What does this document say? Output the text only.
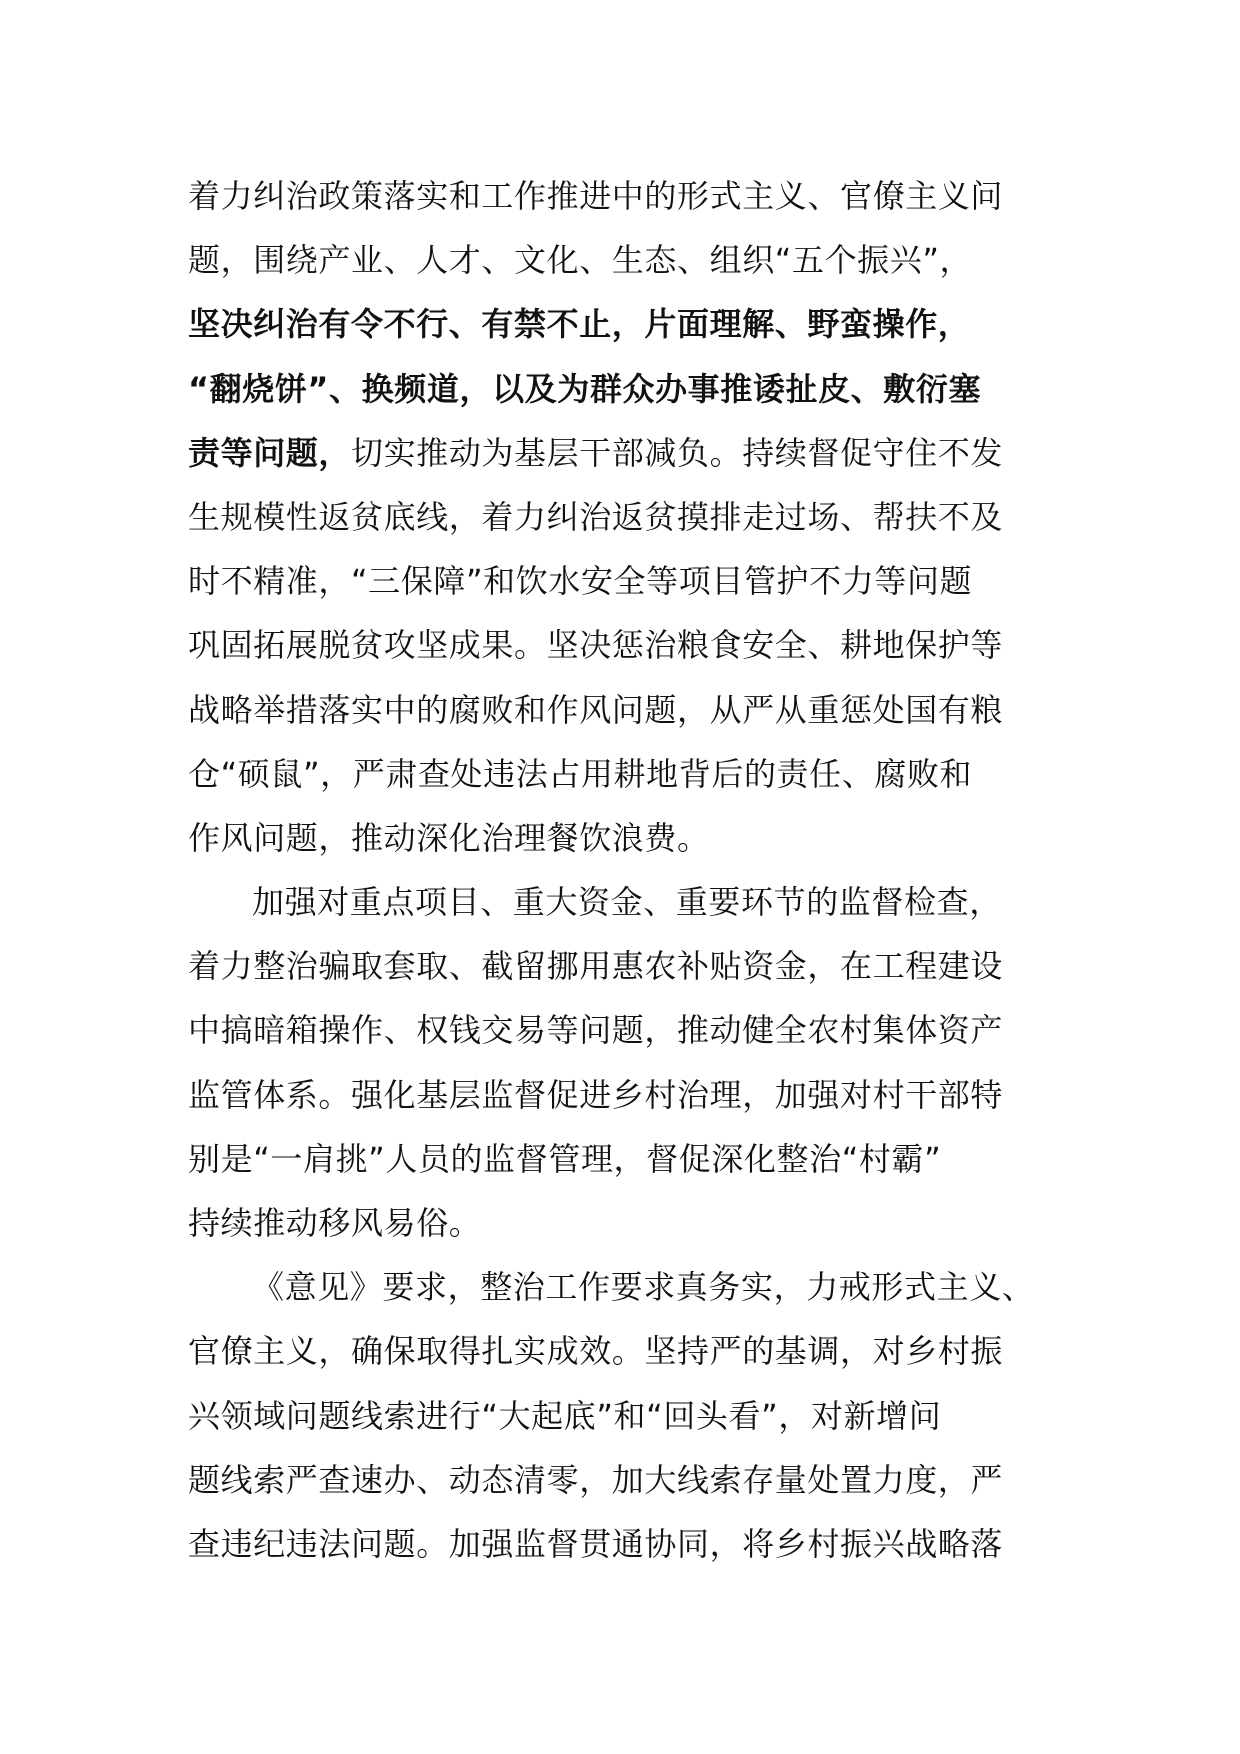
着力纠治政策落实和工作推进中的形式主义、官僚主义问
题，围绕产业、人才、文化、生态、组织“五个振兴”，
坚决纠治有令不行、有禁不止，片面理解、野蛮操作，
“翻烧饼”、换频道，以及为群众办事推诿扯皮、敷衍塞
责等问题，切实推动为基层干部减负。持续督促守住不发
生规模性返贫底线，着力纠治返贫摸排走过场、帮扶不及
时不精准，“三保障”和饮水安全等项目管护不力等问题
巩固拓展脱贫攻坚成果。坚决惩治粮食安全、耕地保护等
战略举措落实中的腐败和作风问题，从严从重惩处国有粮
仓“硕鼠”，严肃查处违法占用耕地背后的责任、腐败和
作风问题，推动深化治理餐饮浪费。
加强对重点项目、重大资金、重要环节的监督检查，
着力整治骗取套取、截留挪用惠农补贴资金，在工程建设
中搞暗箱操作、权钱交易等问题，推动健全农村集体资产
监管体系。强化基层监督促进乡村治理，加强对村干部特
别是“一肩挑”人员的监督管理，督促深化整治“村霸”
持续推动移风易俗。
《意见》要求，整治工作要求真务实，力戒形式主义、
官僚主义，确保取得扎实成效。坚持严的基调，对乡村振
兴领域问题线索进行“大起底”和“回头看”，对新增问
题线索严查速办、动态清零，加大线索存量处置力度，严
查违纪违法问题。加强监督贯通协同，将乡村振兴战略落
